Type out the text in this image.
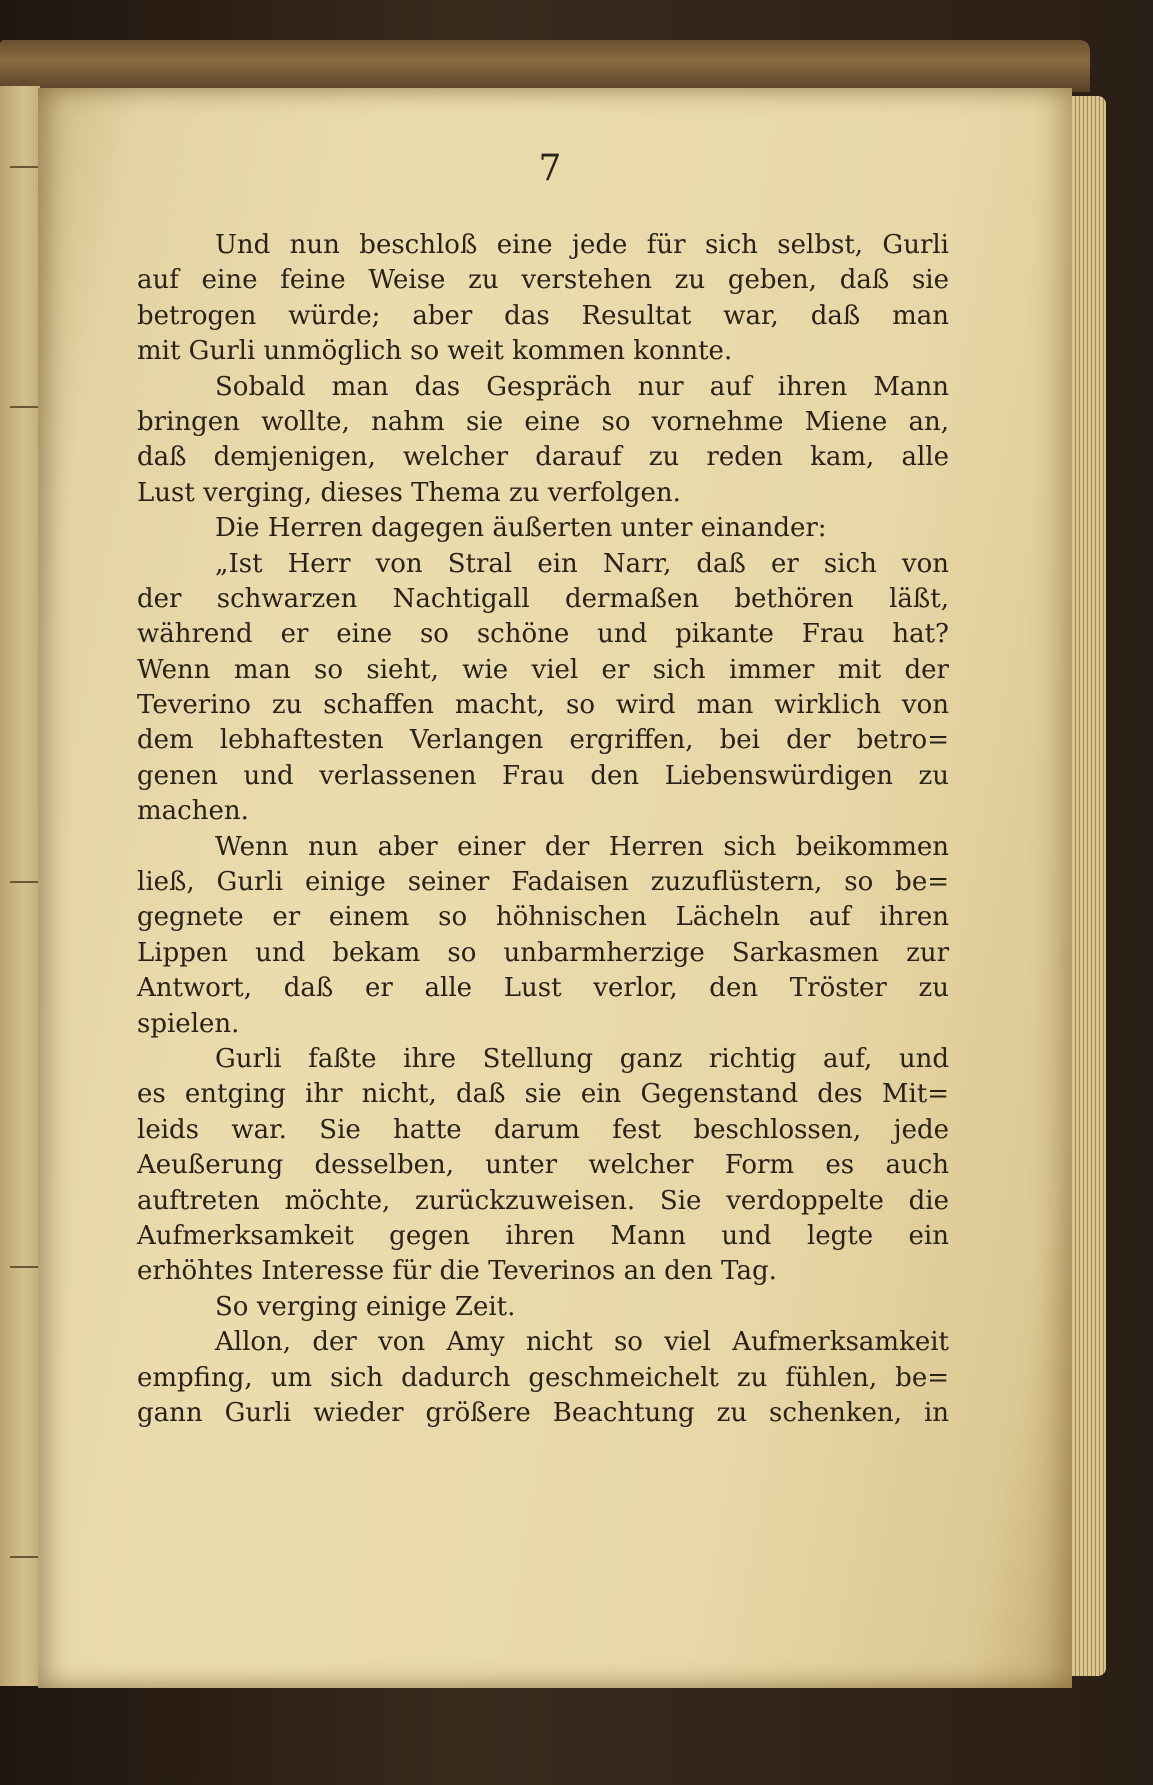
7
Und nun beschloß eine jede für sich selbst, Gurli
auf eine feine Weise zu verstehen zu geben, daß sie
betrogen würde; aber das Resultat war, daß man
mit Gurli unmöglich so weit kommen konnte.
Sobald man das Gespräch nur auf ihren Mann
bringen wollte, nahm sie eine so vornehme Miene an,
daß demjenigen, welcher darauf zu reden kam, alle
Lust verging, dieses Thema zu verfolgen.
Die Herren dagegen äußerten unter einander:
„Ist Herr von Stral ein Narr, daß er sich von
der schwarzen Nachtigall dermaßen bethören läßt,
während er eine so schöne und pikante Frau hat?
Wenn man so sieht, wie viel er sich immer mit der
Teverino zu schaffen macht, so wird man wirklich von
dem lebhaftesten Verlangen ergriffen, bei der betro=
genen und verlassenen Frau den Liebenswürdigen zu
machen.
Wenn nun aber einer der Herren sich beikommen
ließ, Gurli einige seiner Fadaisen zuzuflüstern, so be=
gegnete er einem so höhnischen Lächeln auf ihren
Lippen und bekam so unbarmherzige Sarkasmen zur
Antwort, daß er alle Lust verlor, den Tröster zu
spielen.
Gurli faßte ihre Stellung ganz richtig auf, und
es entging ihr nicht, daß sie ein Gegenstand des Mit=
leids war. Sie hatte darum fest beschlossen, jede
Aeußerung desselben, unter welcher Form es auch
auftreten möchte, zurückzuweisen. Sie verdoppelte die
Aufmerksamkeit gegen ihren Mann und legte ein
erhöhtes Interesse für die Teverinos an den Tag.
So verging einige Zeit.
Allon, der von Amy nicht so viel Aufmerksamkeit
empfing, um sich dadurch geschmeichelt zu fühlen, be=
gann Gurli wieder größere Beachtung zu schenken, in
